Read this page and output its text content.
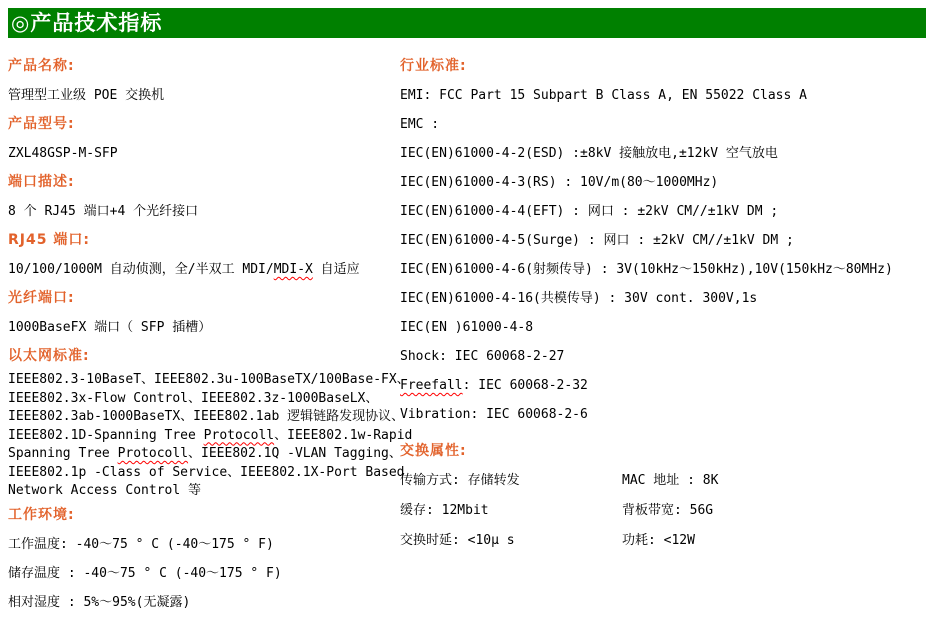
◎产品技术指标
产品名称:
管理型工业级 POE 交换机
产品型号:
ZXL48GSP-M-SFP
端口描述:
8 个 RJ45 端口+4 个光纤接口
RJ45 端口:
10/100/1000M 自动侦测，全/半双工 MDI/MDI-X 自适应
光纤端口:
1000BaseFX 端口（ SFP 插槽）
以太网标准:
IEEE802.3-10BaseT、IEEE802.3u-100BaseTX/100Base-FX、
IEEE802.3x-Flow Control、IEEE802.3z-1000BaseLX、
IEEE802.3ab-1000BaseTX、IEEE802.1ab 逻辑链路发现协议、
IEEE802.1D-Spanning Tree Protocoll、IEEE802.1w-Rapid
Spanning Tree Protocoll、IEEE802.1Q -VLAN Tagging、
IEEE802.1p -Class of Service、IEEE802.1X-Port Based
Network Access Control 等
工作环境:
工作温度: -40～75 ° C (-40～175 ° F)
储存温度 : -40～75 ° C (-40～175 ° F)
相对湿度 : 5%～95%(无凝露)
行业标准:
EMI: FCC Part 15 Subpart B Class A, EN 55022 Class A
EMC :
IEC(EN)61000-4-2(ESD) :±8kV 接触放电,±12kV 空气放电
IEC(EN)61000-4-3(RS) : 10V/m(80～1000MHz)
IEC(EN)61000-4-4(EFT) : 网口 : ±2kV CM//±1kV DM ;
IEC(EN)61000-4-5(Surge) : 网口 : ±2kV CM//±1kV DM ;
IEC(EN)61000-4-6(射频传导) : 3V(10kHz～150kHz),10V(150kHz～80MHz)
IEC(EN)61000-4-16(共模传导) : 30V cont. 300V,1s
IEC(EN )61000-4-8
Shock: IEC 60068-2-27
Freefall: IEC 60068-2-32
Vibration: IEC 60068-2-6
交换属性:
传输方式: 存储转发	MAC 地址 : 8K
缓存: 12Mbit	背板带宽: 56G
交换时延: <10μ s	功耗: <12W
